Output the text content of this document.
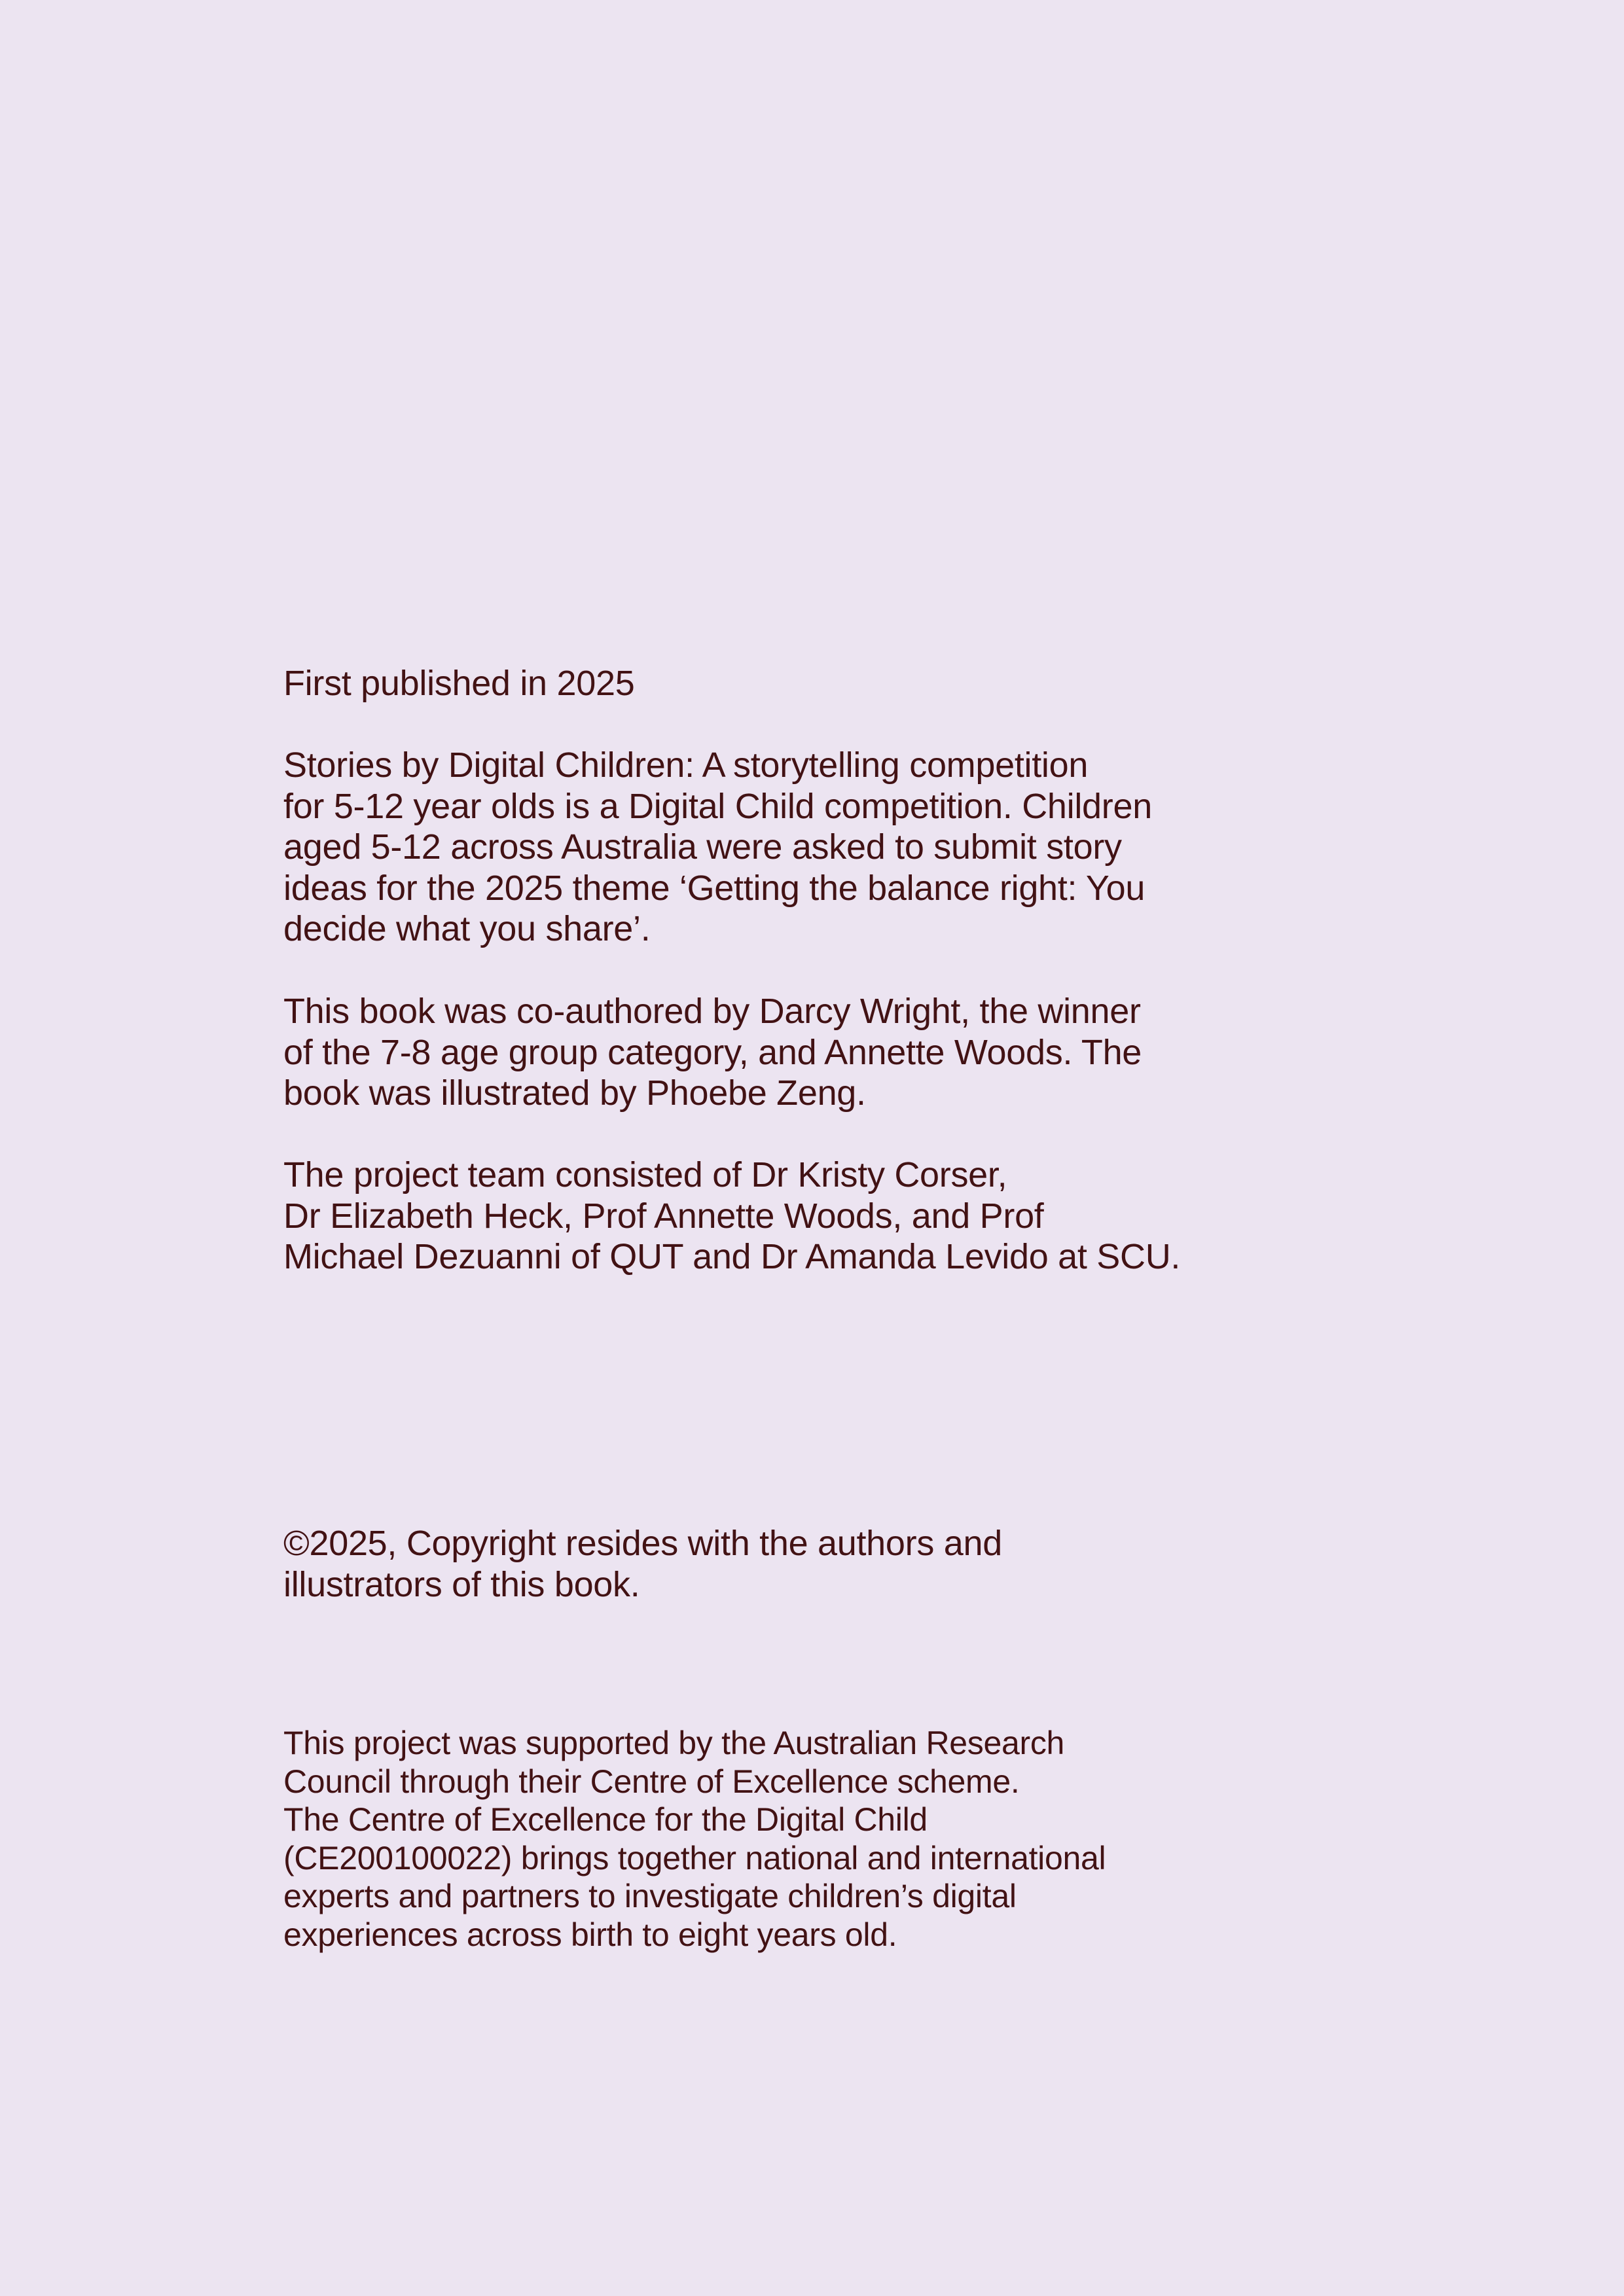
First published in 2025

Stories by Digital Children: A storytelling competition
for 5-12 year olds is a Digital Child competition. Children
aged 5-12 across Australia were asked to submit story
ideas for the 2025 theme ‘Getting the balance right: You
decide what you share’.

This book was co-authored by Darcy Wright, the winner
of the 7-8 age group category, and Annette Woods. The
book was illustrated by Phoebe Zeng.

The project team consisted of Dr Kristy Corser,
Dr Elizabeth Heck, Prof Annette Woods, and Prof
Michael Dezuanni of QUT and Dr Amanda Levido at SCU.

©2025, Copyright resides with the authors and
illustrators of this book.

This project was supported by the Australian Research
Council through their Centre of Excellence scheme.
The Centre of Excellence for the Digital Child
(CE200100022) brings together national and international
experts and partners to investigate children’s digital
experiences across birth to eight years old.
